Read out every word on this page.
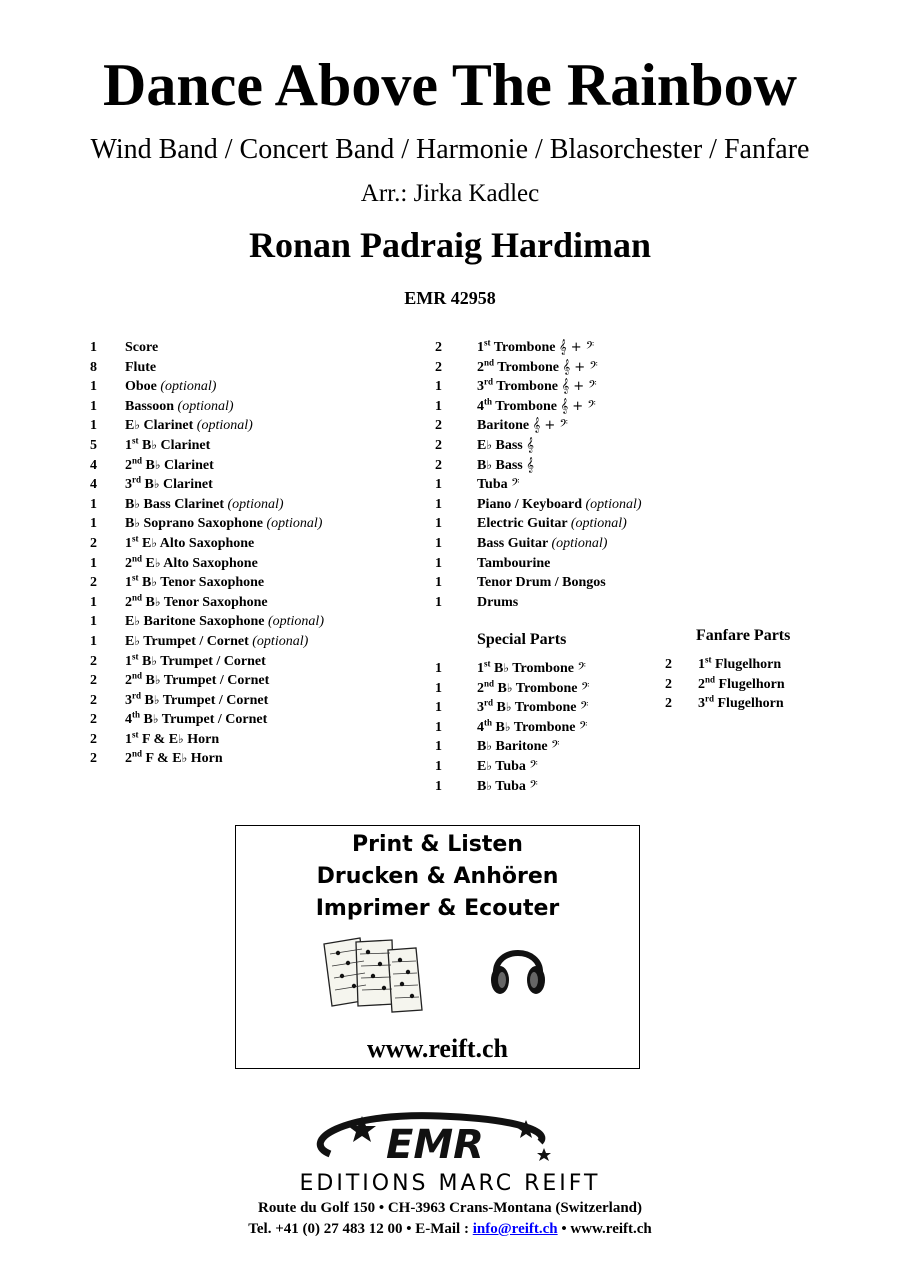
Dance Above The Rainbow
Wind Band / Concert Band / Harmonie / Blasorchester / Fanfare
Arr.: Jirka Kadlec
Ronan Padraig Hardiman
EMR 42958
1 Score
8 Flute
1 Oboe (optional)
1 Bassoon (optional)
1 E♭ Clarinet (optional)
5 1st B♭ Clarinet
4 2nd B♭ Clarinet
4 3rd B♭ Clarinet
1 B♭ Bass Clarinet (optional)
1 B♭ Soprano Saxophone (optional)
2 1st E♭ Alto Saxophone
1 2nd E♭ Alto Saxophone
2 1st B♭ Tenor Saxophone
1 2nd B♭ Tenor Saxophone
1 E♭ Baritone Saxophone (optional)
1 E♭ Trumpet / Cornet (optional)
2 1st B♭ Trumpet / Cornet
2 2nd B♭ Trumpet / Cornet
2 3rd B♭ Trumpet / Cornet
2 4th B♭ Trumpet / Cornet
2 1st F & E♭ Horn
2 2nd F & E♭ Horn
2	1st Trombone 𝄞 + 𝄢
2	2nd Trombone 𝄞 + 𝄢
1	3rd Trombone 𝄞 + 𝄢
1	4th Trombone 𝄞 + 𝄢
2	Baritone 𝄞 + 𝄢
2	E♭ Bass 𝄞
2	B♭ Bass 𝄞
1	Tuba 𝄢
1	Piano / Keyboard (optional)
1	Electric Guitar (optional)
1	Bass Guitar (optional)
1	Tambourine
1	Tenor Drum / Bongos
1	Drums
Special Parts
1	1st B♭ Trombone 𝄢
1	2nd B♭ Trombone 𝄢
1	3rd B♭ Trombone 𝄢
1	4th B♭ Trombone 𝄢
1	B♭ Baritone 𝄢
1	E♭ Tuba 𝄢
1	B♭ Tuba 𝄢
Fanfare Parts
2 1st Flugelhorn
2 2nd Flugelhorn
2 3rd Flugelhorn
Print & Listen
Drucken & Anhören
Imprimer & Ecouter
www.reift.ch
EMR
EDITIONS MARC REIFT
Route du Golf 150 • CH-3963 Crans-Montana (Switzerland)
Tel. +41 (0) 27 483 12 00 • E-Mail : info@reift.ch • www.reift.ch
